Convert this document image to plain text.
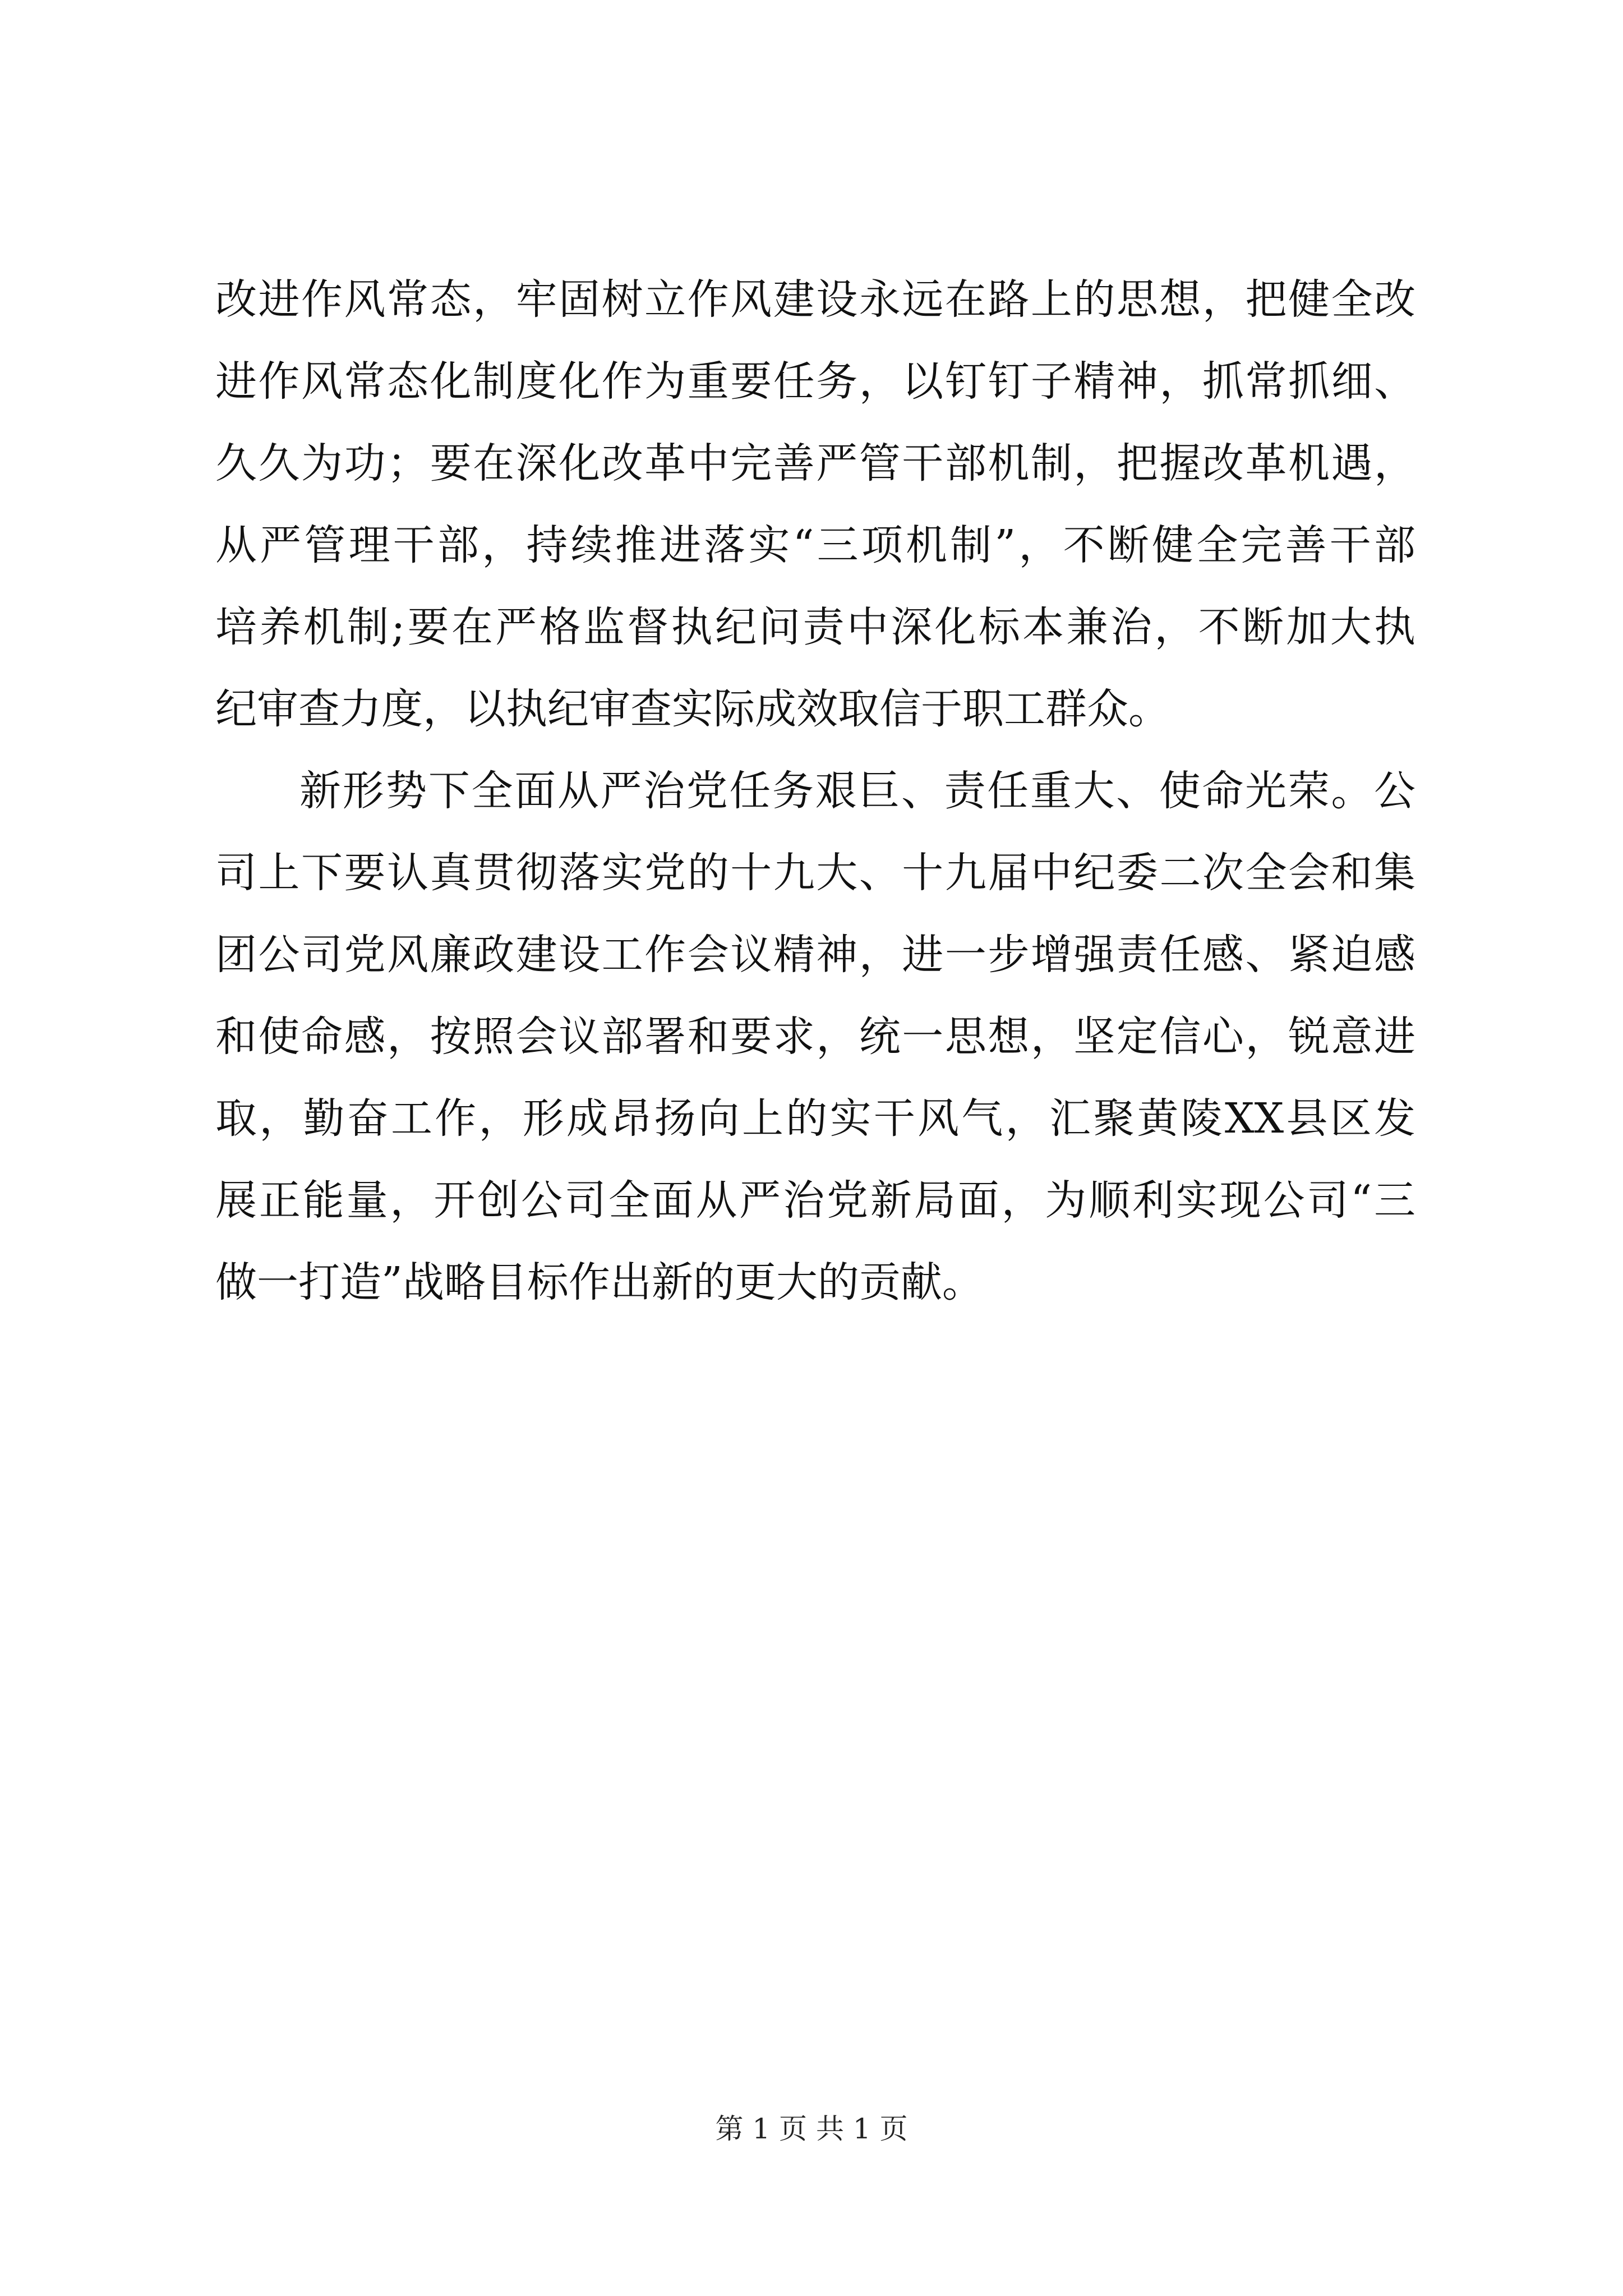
改进作风常态，牢固树立作风建设永远在路上的思想，把健全改
进作风常态化制度化作为重要任务，以钉钉子精神，抓常抓细、
久久为功；要在深化改革中完善严管干部机制，把握改革机遇，
从严管理干部，持续推进落实“三项机制”，不断健全完善干部
培养机制;要在严格监督执纪问责中深化标本兼治，不断加大执
纪审查力度，以执纪审查实际成效取信于职工群众。
新形势下全面从严治党任务艰巨、责任重大、使命光荣。公
司上下要认真贯彻落实党的十九大、十九届中纪委二次全会和集
团公司党风廉政建设工作会议精神，进一步增强责任感、紧迫感
和使命感，按照会议部署和要求，统一思想，坚定信心，锐意进
取，勤奋工作，形成昂扬向上的实干风气，汇聚黄陵XX县区发
展正能量，开创公司全面从严治党新局面，为顺利实现公司“三
做一打造”战略目标作出新的更大的贡献。
第 1 页 共 1 页
